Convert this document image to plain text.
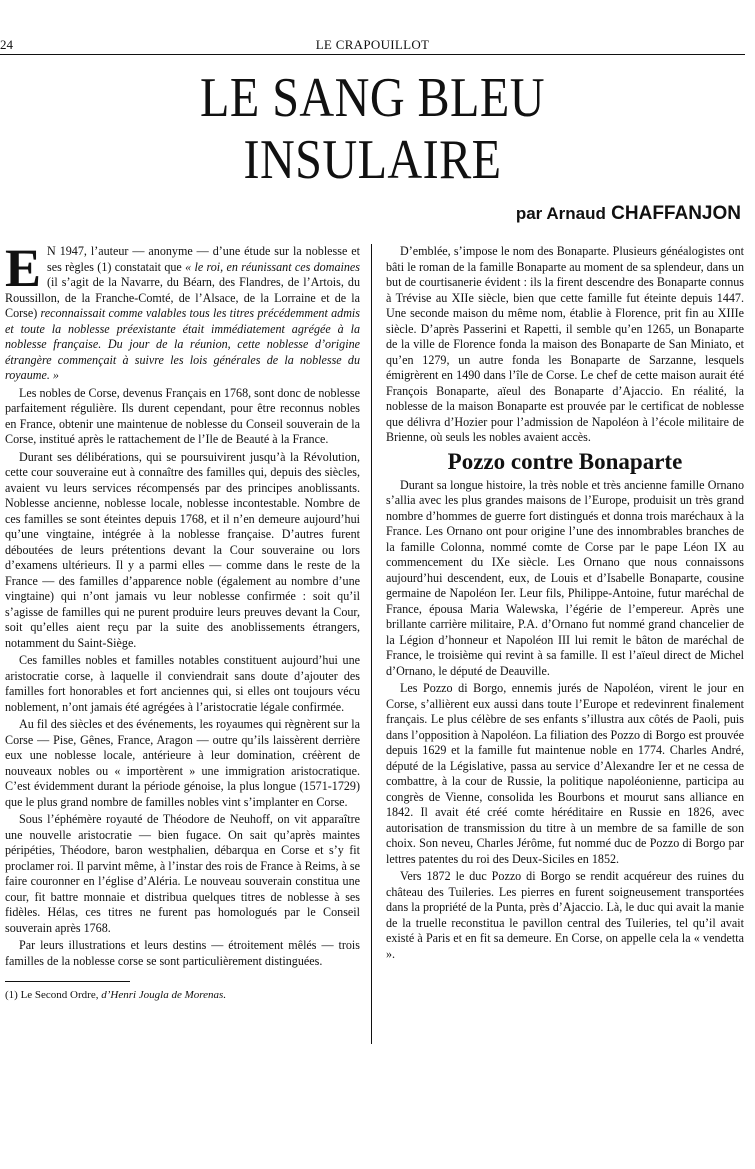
24	LE CRAPOUILLOT
LE SANG BLEU
INSULAIRE
par Arnaud CHAFFANJON

E N 1947, l’auteur — anonyme — d’une étude sur la noblesse et ses règles (1) constatait que « le roi, en réunissant ces domaines (il s’agit de la Navarre, du Béarn, des Flandres, de l’Artois, du Roussillon, de la Franche-Comté, de l’Alsace, de la Lorraine et de la Corse) reconnaissait comme valables tous les titres précédemment admis et toute la noblesse préexistante était immédiatement agrégée à la noblesse française. Du jour de la réunion, cette noblesse d’origine étrangère commençait à suivre les lois générales de la noblesse du royaume. »

Les nobles de Corse, devenus Français en 1768, sont donc de noblesse parfaitement régulière. Ils durent cependant, pour être reconnus nobles en France, obtenir une maintenue de noblesse du Conseil souverain de la Corse, institué après le rattachement de l’Ile de Beauté à la France.

Durant ses délibérations, qui se poursuivirent jusqu’à la Révolution, cette cour souveraine eut à connaître des familles qui, depuis des siècles, avaient vu leurs services récompensés par des principes anoblissants. Noblesse ancienne, noblesse locale, noblesse incontestable. Nombre de ces familles se sont éteintes depuis 1768, et il n’en demeure aujourd’hui qu’une vingtaine, intégrée à la noblesse française. D’autres furent déboutées de leurs prétentions devant la Cour souveraine ou lors d’examens ultérieurs. Il y a parmi elles — comme dans le reste de la France — des familles d’apparence noble (également au nombre d’une vingtaine) qui n’ont jamais vu leur noblesse confirmée : soit qu’il s’agisse de familles qui ne purent produire leurs preuves devant la Cour, soit qu’elles aient reçu par la suite des anoblissements étrangers, notamment du Saint-Siège.

Ces familles nobles et familles notables constituent aujourd’hui une aristocratie corse, à laquelle il conviendrait sans doute d’ajouter des familles fort honorables et fort anciennes qui, si elles ont toujours vécu noblement, n’ont jamais été agrégées à l’aristocratie légale confirmée.

Au fil des siècles et des événements, les royaumes qui règnèrent sur la Corse — Pise, Gênes, France, Aragon — outre qu’ils laissèrent derrière eux une noblesse locale, antérieure à leur domination, créèrent de nouveaux nobles ou « importèrent » une immigration aristocratique. C’est évidemment durant la période génoise, la plus longue (1571-1729) que le plus grand nombre de familles nobles vint s’implanter en Corse.

Sous l’éphémère royauté de Théodore de Neuhoff, on vit apparaître une nouvelle aristocratie — bien fugace. On sait qu’après maintes péripéties, Théodore, baron westphalien, débarqua en Corse et s’y fit proclamer roi. Il parvint même, à l’instar des rois de France à Reims, à se faire couronner en l’église d’Aléria. Le nouveau souverain constitua une cour, fit battre monnaie et distribua quelques titres de noblesse à ses fidèles. Hélas, ces titres ne furent pas homologués par le Conseil souverain après 1768.

Par leurs illustrations et leurs destins — étroitement mêlés — trois familles de la noblesse corse se sont particulièrement distinguées.

(1) Le Second Ordre, d’Henri Jougla de Morenas.

D’emblée, s’impose le nom des Bonaparte. Plusieurs généalogistes ont bâti le roman de la famille Bonaparte au moment de sa splendeur, dans un but de courtisanerie évident : ils la firent descendre des Bonaparte connus à Trévise au XIIe siècle, bien que cette famille fut éteinte depuis 1447. Une seconde maison du même nom, établie à Florence, prit fin au XIIIe siècle. D’après Passerini et Rapetti, il semble qu’en 1265, un Bonaparte de la ville de Florence fonda la maison des Bonaparte de San Miniato, et qu’en 1279, un autre fonda les Bonaparte de Sarzanne, lesquels émigrèrent en 1490 dans l’île de Corse. Le chef de cette maison aurait été François Bonaparte, aïeul des Bonaparte d’Ajaccio. En réalité, la noblesse de la maison Bonaparte est prouvée par le certificat de noblesse que délivra d’Hozier pour l’admission de Napoléon à l’école militaire de Brienne, où seuls les nobles avaient accès.

Pozzo contre Bonaparte

Durant sa longue histoire, la très noble et très ancienne famille Ornano s’allia avec les plus grandes maisons de l’Europe, produisit un très grand nombre d’hommes de guerre fort distingués et donna trois maréchaux à la France. Les Ornano ont pour origine l’une des innombrables branches de la famille Colonna, nommé comte de Corse par le pape Léon IX au commencement du IXe siècle. Les Ornano que nous connaissons aujourd’hui descendent, eux, de Louis et d’Isabelle Bonaparte, cousine germaine de Napoléon Ier. Leur fils, Philippe-Antoine, futur maréchal de France, épousa Maria Walewska, l’égérie de l’empereur. Après une brillante carrière militaire, P.A. d’Ornano fut nommé grand chancelier de la Légion d’honneur et Napoléon III lui remit le bâton de maréchal de France, le troisième qui revint à sa famille. Il est l’aïeul direct de Michel d’Ornano, le député de Deauville.

Les Pozzo di Borgo, ennemis jurés de Napoléon, virent le jour en Corse, s’allièrent eux aussi dans toute l’Europe et redevinrent finalement français. Le plus célèbre de ses enfants s’illustra aux côtés de Paoli, puis dans l’opposition à Napoléon. La filiation des Pozzo di Borgo est prouvée depuis 1629 et la famille fut maintenue noble en 1774. Charles André, député de la Législative, passa au service d’Alexandre Ier et ne cessa de combattre, à la cour de Russie, la politique napoléonienne, participa au congrès de Vienne, consolida les Bourbons et mourut sans alliance en 1842. Il avait été créé comte héréditaire en Russie en 1826, avec autorisation de transmission du titre à un membre de sa famille de son choix. Son neveu, Charles Jérôme, fut nommé duc de Pozzo di Borgo par lettres patentes du roi des Deux-Siciles en 1852.

Vers 1872 le duc Pozzo di Borgo se rendit acquéreur des ruines du château des Tuileries. Les pierres en furent soigneusement transportées dans la propriété de la Punta, près d’Ajaccio. Là, le duc qui avait la manie de la truelle reconstitua le pavillon central des Tuileries, tel qu’il avait existé à Paris et en fit sa demeure. En Corse, on appelle cela la « vendetta ».
